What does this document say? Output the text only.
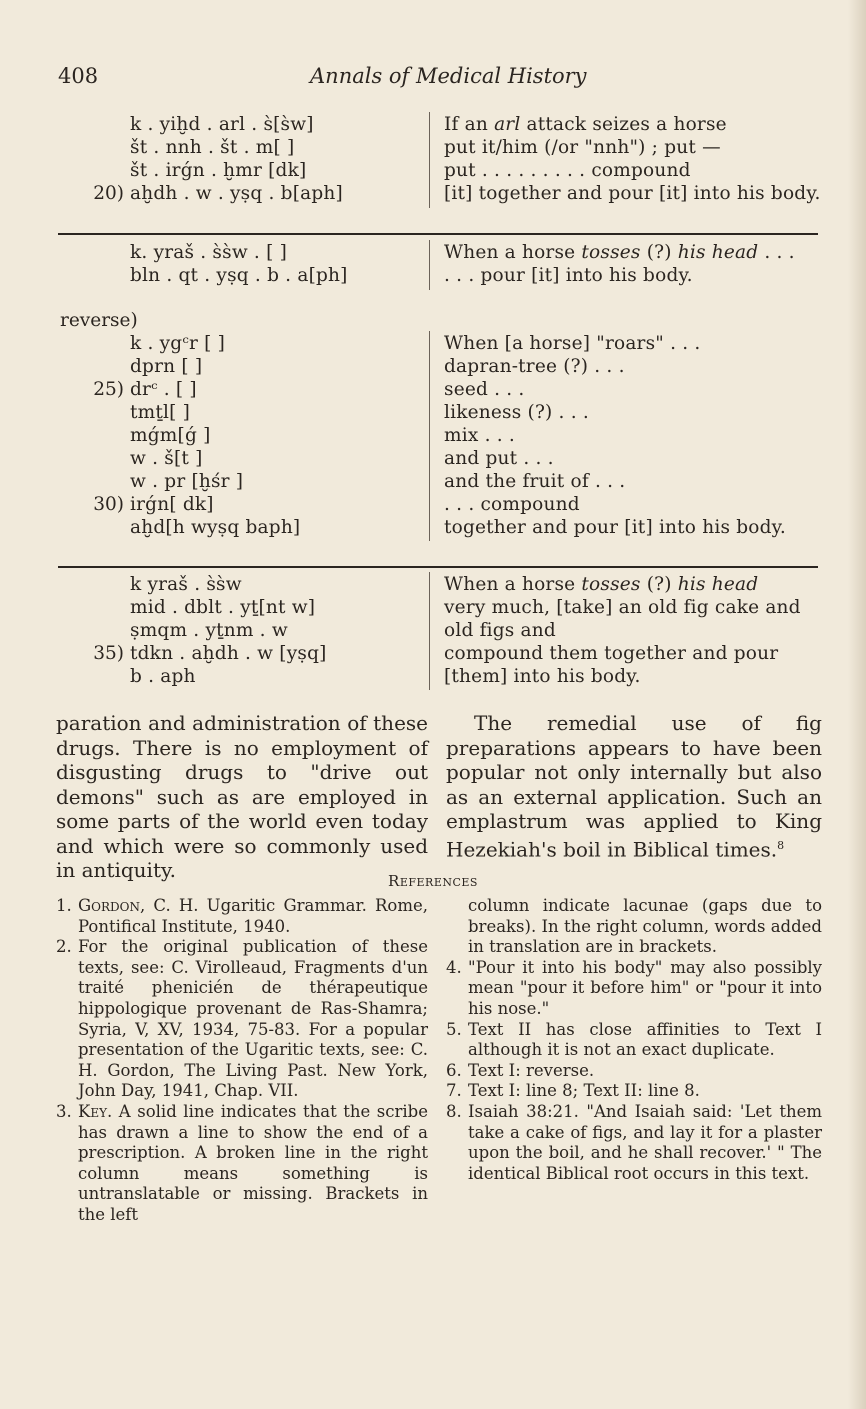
408	Annals of Medical History
k . yiḫd . arl . s̀[s̀w]
št . nnh . št . m[ ]
št . irǵn . ḫmr [dk]
20) aḫdh . w . yṣq . b[aph]
If an arl attack seizes a horse
put it/him (/or "nnh") ; put —
put . . . . . . . . . compound
[it] together and pour [it] into his body.
k. yraš . s̀s̀w . [ ]
bln . qt . yṣq . b . a[ph]
When a horse tosses (?) his head . . .
. . . pour [it] into his body.
reverse)
k . ygᶜr [ ]
dprn [ ]
25) drᶜ . [ ]
tmṯl[ ]
mǵm[ǵ ]
w . š[t ]
w . pr [ḫśr ]
30) irǵn[ dk]
aḫd[h wyṣq baph]
When [a horse] "roars" . . .
dapran-tree (?) . . .
seed . . .
likeness (?) . . .
mix . . .
and put . . .
and the fruit of . . .
. . . compound
together and pour [it] into his body.
k yraš . s̀s̀w
mid . dblt . yṯ[nt w]
ṣmqm . yṯnm . w
35) tdkn . aḫdh . w [yṣq]
b . aph
When a horse tosses (?) his head
very much, [take] an old fig cake and
old figs and
compound them together and pour
[them] into his body.

paration and administration of these drugs. There is no employment of disgusting drugs to "drive out demons" such as are employed in some parts of the world even today and which were so commonly used in antiquity.

The remedial use of fig preparations appears to have been popular not only internally but also as an external application. Such an emplastrum was applied to King Hezekiah's boil in Biblical times.$^8$

References
1. Gordon, C. H. Ugaritic Grammar. Rome, Pontifical Institute, 1940.
2. For the original publication of these texts, see: C. Virolleaud, Fragments d'un traité phenicién de thérapeutique hippologique provenant de Ras-Shamra; Syria, V, XV, 1934, 75-83. For a popular presentation of the Ugaritic texts, see: C. H. Gordon, The Living Past. New York, John Day, 1941, Chap. VII.
3. Key. A solid line indicates that the scribe has drawn a line to show the end of a prescription. A broken line in the right column means something is untranslatable or missing. Brackets in the left
column indicate lacunae (gaps due to breaks). In the right column, words added in translation are in brackets.
4. "Pour it into his body" may also possibly mean "pour it before him" or "pour it into his nose."
5. Text II has close affinities to Text I although it is not an exact duplicate.
6. Text I: reverse.
7. Text I: line 8; Text II: line 8.
8. Isaiah 38:21. "And Isaiah said: 'Let them take a cake of figs, and lay it for a plaster upon the boil, and he shall recover.' " The identical Biblical root occurs in this text.
